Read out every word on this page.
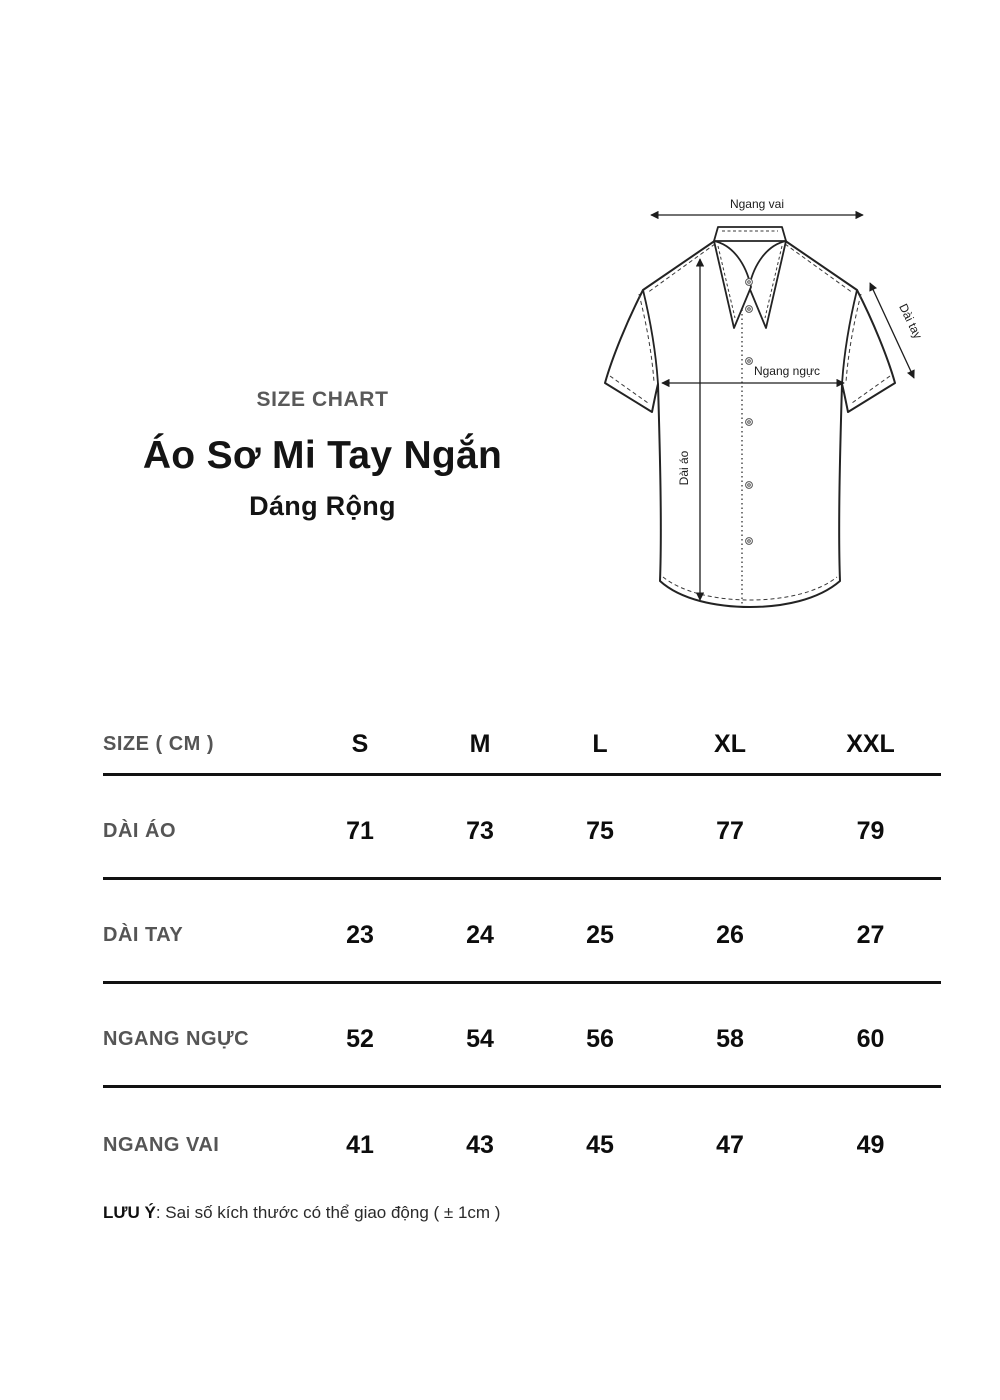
SIZE CHART
Áo Sơ Mi Tay Ngắn
Dáng Rộng
Ngang vai
Dài áo
Ngang ngực
Dài tay
SIZE ( CM )	S	M	L	XL	XXL
DÀI ÁO	71	73	75	77	79
DÀI TAY	23	24	25	26	27
NGANG NGỰC	52	54	56	58	60
NGANG VAI	41	43	45	47	49
LƯU Ý: Sai số kích thước có thể giao động ( ± 1cm )
